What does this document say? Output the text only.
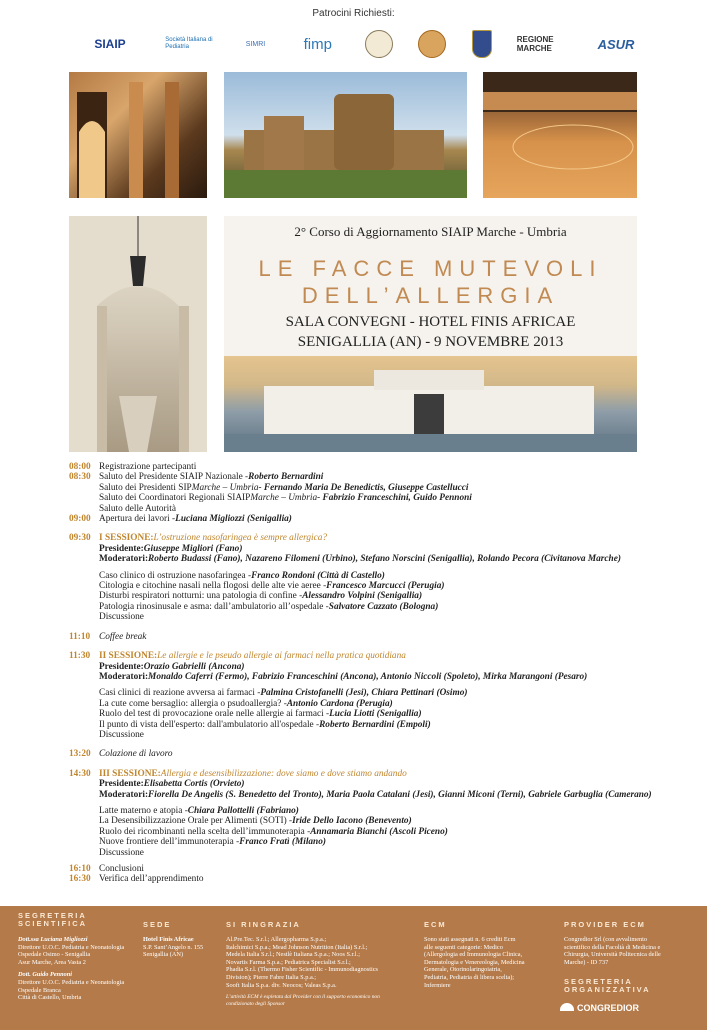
Patrocini Richiesti:
SIAIP	Società Italiana di Pediatria	SIMRI	fimp	REGIONE MARCHE	ASUR
2° Corso di Aggiornamento SIAIP Marche - Umbria
LE FACCE MUTEVOLI
DELL’ALLERGIA
SALA CONVEGNI - HOTEL FINIS AFRICAE
SENIGALLIA (AN) - 9 NOVEMBRE 2013
08:00 Registrazione partecipanti
08:30 Saluto del Presidente SIAIP Nazionale - Roberto Bernardini
Saluto dei Presidenti SIP Marche – Umbria - Fernando Maria De Benedictis, Giuseppe Castellucci
Saluto dei Coordinatori Regionali SIAIP Marche – Umbria - Fabrizio Franceschini, Guido Pennoni
Saluto delle Autorità
09:00 Apertura dei lavori - Luciana Migliozzi (Senigallia)
09:30 I SESSIONE: L’ostruzione nasofaringea è sempre allergica?
Presidente: Giuseppe Migliori (Fano)
Moderatori: Roberto Budassi (Fano), Nazareno Filomeni (Urbino), Stefano Norscini (Senigallia), Rolando Pecora (Civitanova Marche)
Caso clinico di ostruzione nasofaringea - Franco Rondoni (Città di Castello)
Citologia e citochine nasali nella flogosi delle alte vie aeree - Francesco Marcucci (Perugia)
Disturbi respiratori notturni: una patologia di confine - Alessandro Volpini (Senigallia)
Patologia rinosinusale e asma: dall’ambulatorio all’ospedale - Salvatore Cazzato (Bologna)
Discussione
11:10 Coffee break
11:30 II SESSIONE: Le allergie e le pseudo allergie ai farmaci nella pratica quotidiana
Presidente: Orazio Gabrielli (Ancona)
Moderatori: Monaldo Caferri (Fermo), Fabrizio Franceschini (Ancona), Antonio Niccoli (Spoleto), Mirka Marangoni (Pesaro)
Casi clinici di reazione avversa ai farmaci - Palmina Cristofanelli (Jesi), Chiara Pettinari (Osimo)
La cute come bersaglio: allergia o psudoallergia? - Antonio Cardona (Perugia)
Ruolo del test di provocazione orale nelle allergie ai farmaci - Lucia Liotti (Senigallia)
Il punto di vista dell'esperto: dall'ambulatorio all'ospedale - Roberto Bernardini (Empoli)
Discussione
13:20 Colazione di lavoro
14:30 III SESSIONE: Allergia e desensibilizzazione: dove siamo e dove stiamo andando
Presidente: Elisabetta Cortis (Orvieto)
Moderatori: Fiorella De Angelis (S. Benedetto del Tronto), Maria Paola Catalani (Jesi), Gianni Miconi (Terni), Gabriele Garbuglia (Camerano)
Latte materno e atopia - Chiara Pallottelli (Fabriano)
La Desensibilizzazione Orale per Alimenti (SOTI) - Iride Dello Iacono (Benevento)
Ruolo dei ricombinanti nella scelta dell’immunoterapia - Annamaria Bianchi (Ascoli Piceno)
Nuove frontiere dell’immunoterapia - Franco Fratì (Milano)
Discussione
16:10 Conclusioni
16:30 Verifica dell’apprendimento
SEGRETERIA
SCIENTIFICA
Dott.ssa Luciana Migliozzi
Direttore U.O.C. Pediatria e Neonatologia
Ospedale Osimo - Senigallia
Asur Marche, Area Vasta 2
Dott. Guido Pennoni
Direttore U.O.C. Pediatria e Neonatologia
Ospedale Branca
Città di Castello, Umbria
SEDE
Hotel Finis Africae
S.P. Sant’Angelo n. 155
Senigallia (AN)
SI RINGRAZIA
Al.Pre.Tec. S.r.l.; Allergopharma S.p.a.;
Italchimici S.p.a.; Mead Johnson Nutrition (Italia) S.r.l.;
Medela Italia S.r.l.; Nestlè Italiana S.p.a.; Noos S.r.l.;
Novartis Farma S.p.a.; Pediatrica Specialist S.r.l.;
Phadia S.r.l. (Thermo Fisher Scientific - Immunodiagnostics
Division); Pierre Fabre Italia S.p.a.;
Sooft Italia S.p.a. div. Neocos; Valeas S.p.a.
L’attività ECM è espletata dal Provider con il supporto economico non
condizionato degli Sponsor
ECM
Sono stati assegnati n. 6 crediti Ecm
alle seguenti categorie: Medico
(Allergologia ed Immunologia Clinica,
Dermatologia e Venereologia, Medicina
Generale, Otorinolaringoiatria,
Pediatria, Pediatria di libera scelta);
Infermiere
PROVIDER ECM
Congredior Srl (con avvalimento
scientifico della Facoltà di Medicina e
Chirurgia, Università Politecnica delle
Marche) - ID 737
SEGRETERIA
ORGANIZZATIVA
CONGREDIOR
